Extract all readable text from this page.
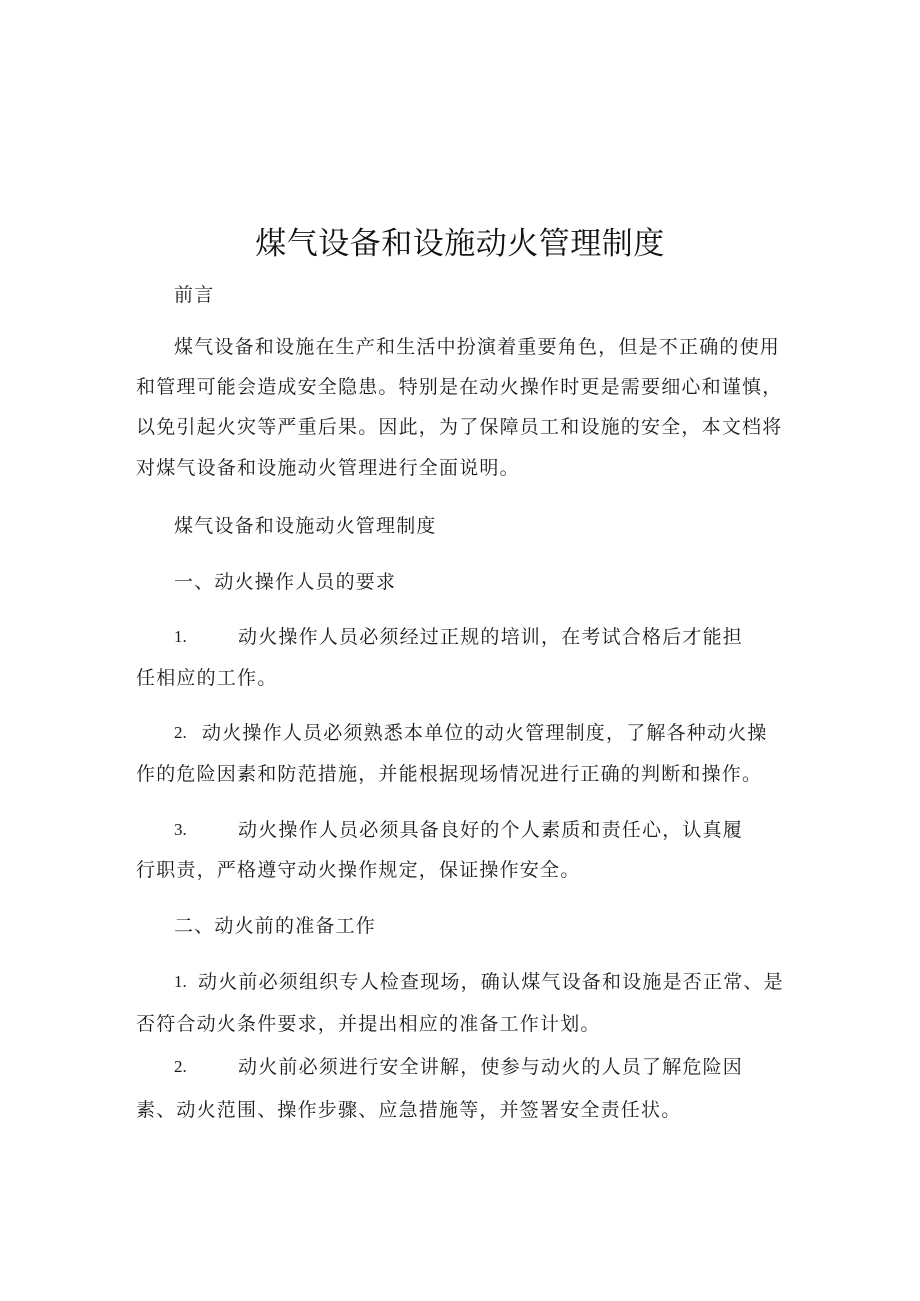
煤气设备和设施动火管理制度
前言
煤气设备和设施在生产和生活中扮演着重要角色，但是不正确的使用
和管理可能会造成安全隐患。特别是在动火操作时更是需要细心和谨慎，
以免引起火灾等严重后果。因此，为了保障员工和设施的安全，本文档将
对煤气设备和设施动火管理进行全面说明。
煤气设备和设施动火管理制度
一、动火操作人员的要求
1.	动火操作人员必须经过正规的培训，在考试合格后才能担
任相应的工作。
2. 动火操作人员必须熟悉本单位的动火管理制度，了解各种动火操
作的危险因素和防范措施，并能根据现场情况进行正确的判断和操作。
3.	动火操作人员必须具备良好的个人素质和责任心，认真履
行职责，严格遵守动火操作规定，保证操作安全。
二、动火前的准备工作
1. 动火前必须组织专人检查现场，确认煤气设备和设施是否正常、是
否符合动火条件要求，并提出相应的准备工作计划。
2.	动火前必须进行安全讲解，使参与动火的人员了解危险因
素、动火范围、操作步骤、应急措施等，并签署安全责任状。
